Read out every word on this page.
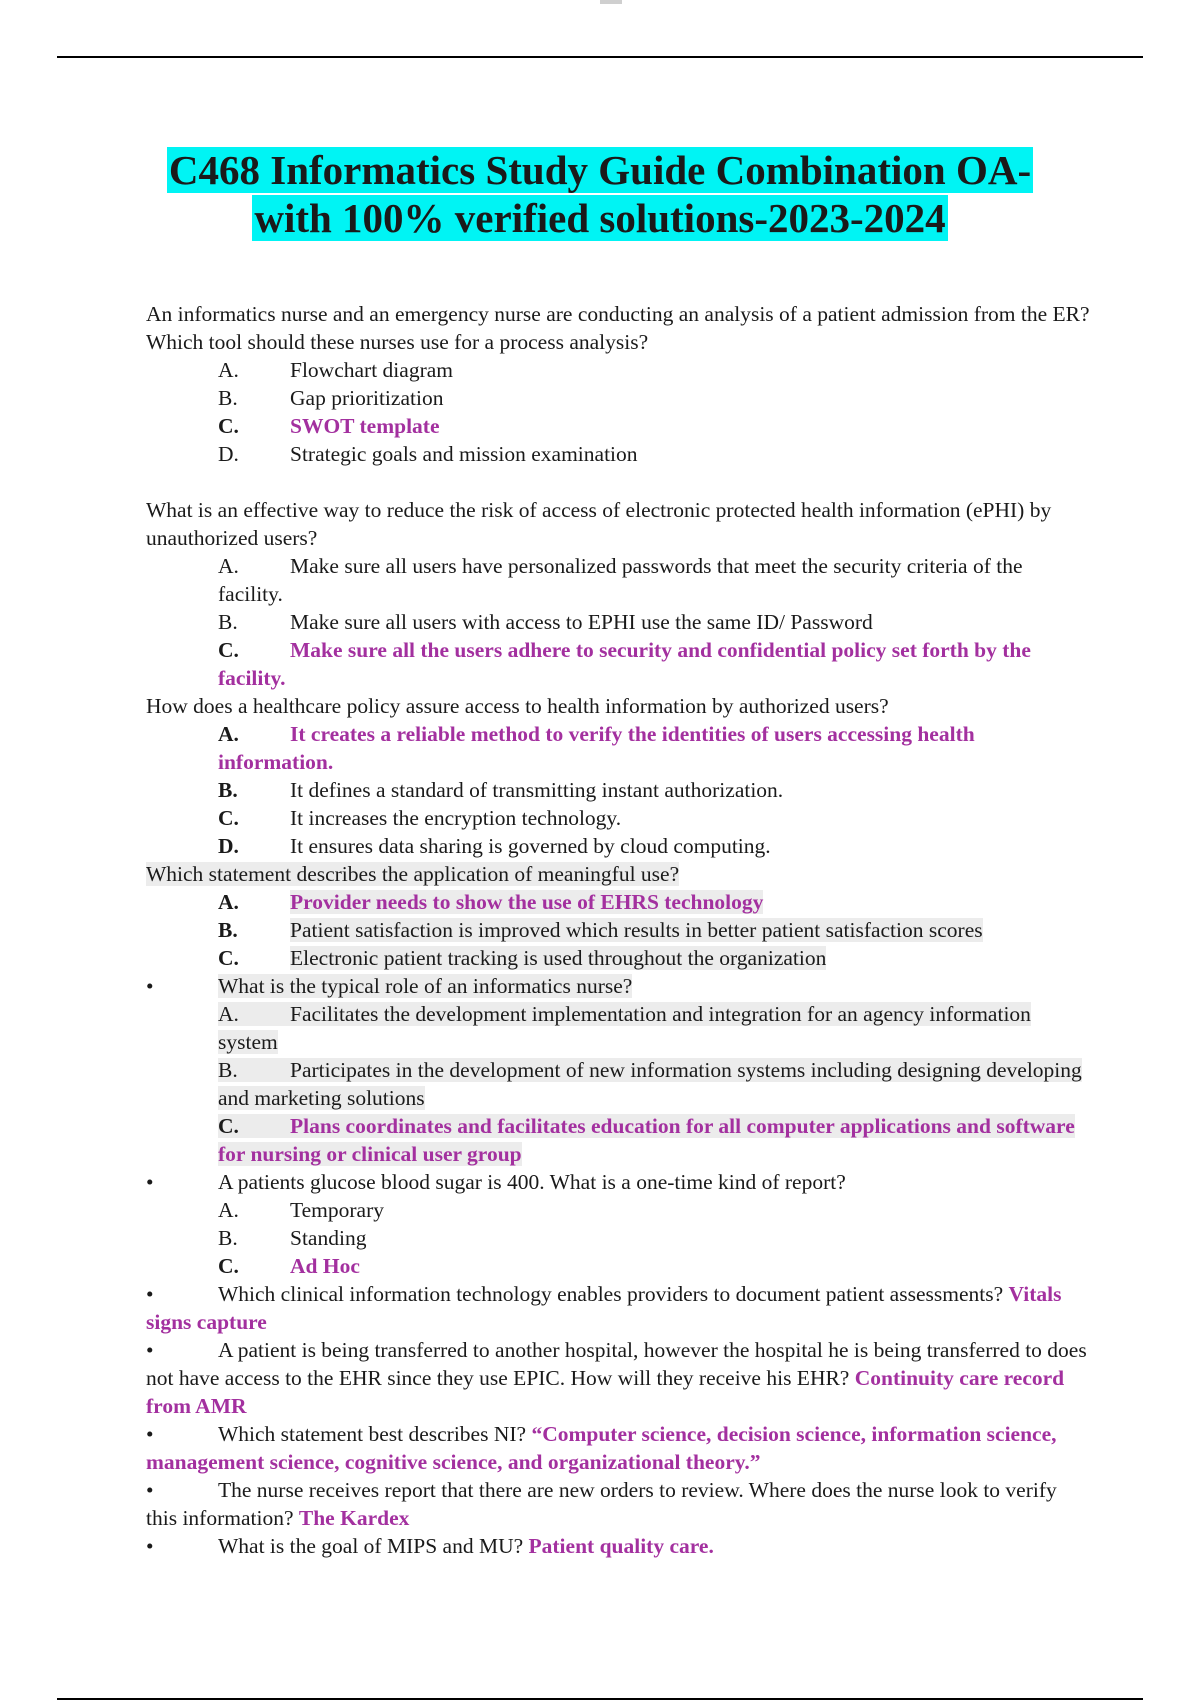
C468 Informatics Study Guide Combination OA-
with 100% verified solutions-2023-2024

An informatics nurse and an emergency nurse are conducting an analysis of a patient admission from the ER? Which tool should these nurses use for a process analysis?

A.	Flowchart diagram
B.	Gap prioritization
C.	SWOT template
D.	Strategic goals and mission examination

What is an effective way to reduce the risk of access of electronic protected health information (ePHI) by unauthorized users?

A. Make sure all users have personalized passwords that meet the security criteria of the facility.
B.	Make sure all users with access to EPHI use the same ID/ Password
C. Make sure all the users adhere to security and confidential policy set forth by the facility.

How does a healthcare policy assure access to health information by authorized users?

A. It creates a reliable method to verify the identities of users accessing health information.
B.	It defines a standard of transmitting instant authorization.
C.	It increases the encryption technology.
D.	It ensures data sharing is governed by cloud computing.

Which statement describes the application of meaningful use?

A.	Provider needs to show the use of EHRS technology
B.	Patient satisfaction is improved which results in better patient satisfaction scores
C.	Electronic patient tracking is used throughout the organization
• What is the typical role of an informatics nurse?
A. Facilitates the development implementation and integration for an agency information system
B. Participates in the development of new information systems including designing developing and marketing solutions
C. Plans coordinates and facilitates education for all computer applications and software for nursing or clinical user group
• A patients glucose blood sugar is 400. What is a one-time kind of report?
A.	Temporary
B.	Standing
C.	Ad Hoc
• Which clinical information technology enables providers to document patient assessments? Vitals signs capture
• A patient is being transferred to another hospital, however the hospital he is being transferred to does not have access to the EHR since they use EPIC. How will they receive his EHR? Continuity care record from AMR
• Which statement best describes NI? “Computer science, decision science, information science, management science, cognitive science, and organizational theory.”
• The nurse receives report that there are new orders to review. Where does the nurse look to verify this information? The Kardex
• What is the goal of MIPS and MU? Patient quality care.
